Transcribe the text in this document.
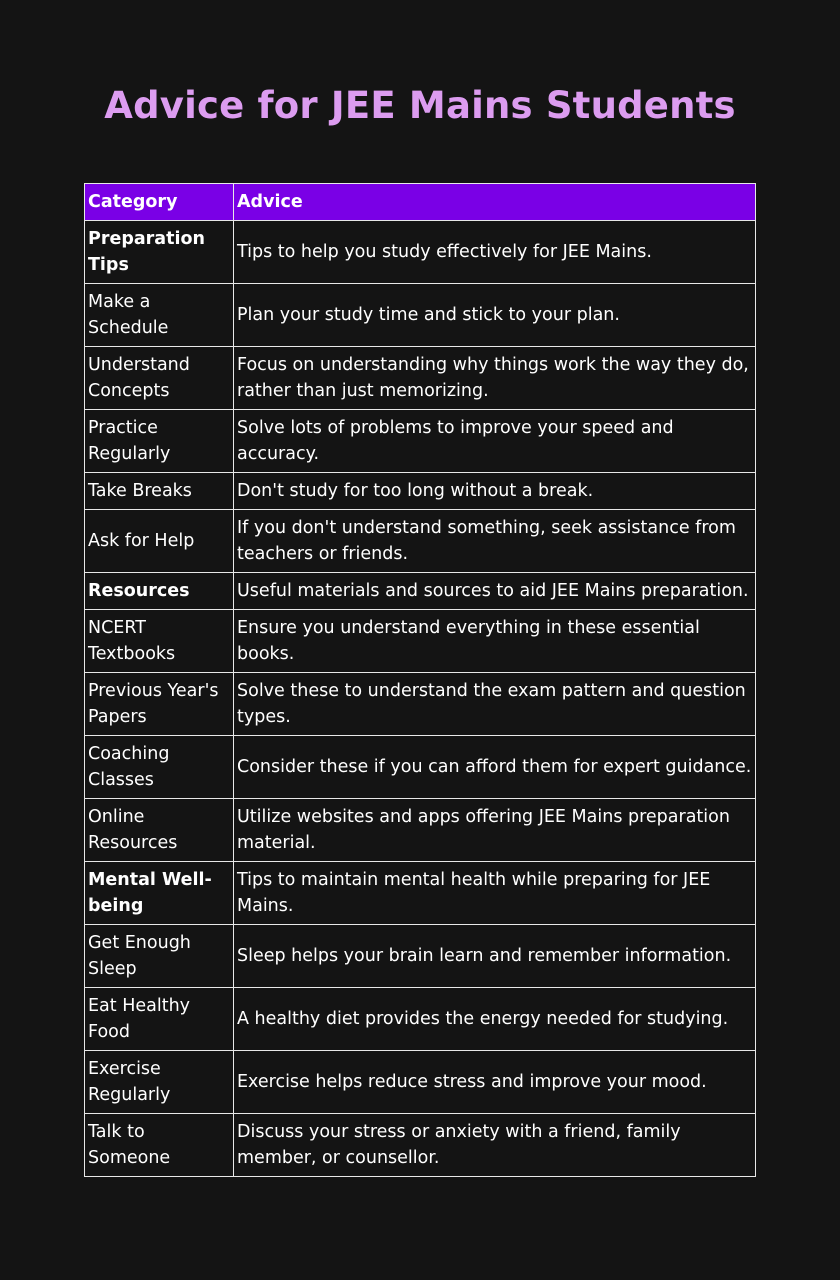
Advice for JEE Mains Students
Category	Advice
Preparation Tips	Tips to help you study effectively for JEE Mains.
Make a Schedule	Plan your study time and stick to your plan.
Understand Concepts	Focus on understanding why things work the way they do, rather than just memorizing.
Practice Regularly	Solve lots of problems to improve your speed and accuracy.
Take Breaks	Don't study for too long without a break.
Ask for Help	If you don't understand something, seek assistance from teachers or friends.
Resources	Useful materials and sources to aid JEE Mains preparation.
NCERT Textbooks	Ensure you understand everything in these essential books.
Previous Year's Papers	Solve these to understand the exam pattern and question types.
Coaching Classes	Consider these if you can afford them for expert guidance.
Online Resources	Utilize websites and apps offering JEE Mains preparation material.
Mental Well-being	Tips to maintain mental health while preparing for JEE Mains.
Get Enough Sleep	Sleep helps your brain learn and remember information.
Eat Healthy Food	A healthy diet provides the energy needed for studying.
Exercise Regularly	Exercise helps reduce stress and improve your mood.
Talk to Someone	Discuss your stress or anxiety with a friend, family member, or counsellor.
